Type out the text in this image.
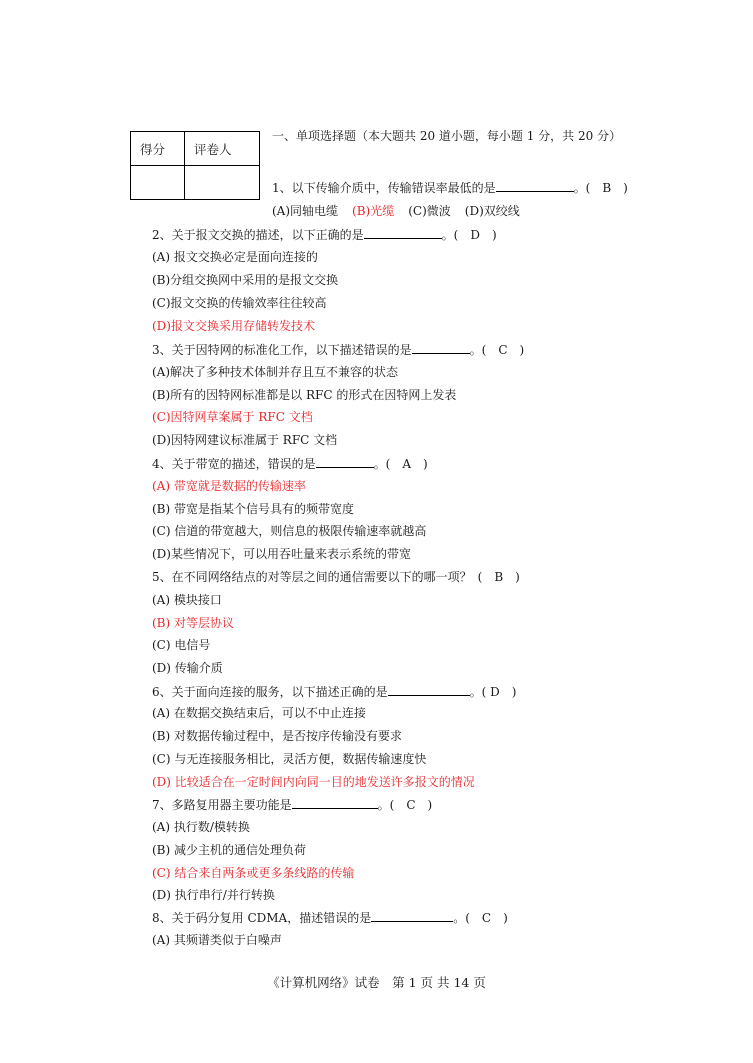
得分	评卷人

一、单项选择题（本大题共 20 道小题，每小题 1 分，共 20 分）
1、以下传输介质中，传输错误率最低的是	。(　B　)
(A)同轴电缆 (B)光缆 (C)微波 (D)双绞线
2、关于报文交换的描述，以下正确的是	。(　D　)
(A) 报文交换必定是面向连接的
(B)分组交换网中采用的是报文交换
(C)报文交换的传输效率往往较高
(D)报文交换采用存储转发技术
3、关于因特网的标准化工作，以下描述错误的是	。(　C　)
(A)解决了多种技术体制并存且互不兼容的状态
(B)所有的因特网标准都是以 RFC 的形式在因特网上发表
(C)因特网草案属于 RFC 文档
(D)因特网建议标准属于 RFC 文档
4、关于带宽的描述，错误的是	。(　A　)
(A) 带宽就是数据的传输速率
(B) 带宽是指某个信号具有的频带宽度
(C) 信道的带宽越大，则信息的极限传输速率就越高
(D)某些情况下，可以用吞吐量来表示系统的带宽
5、在不同网络结点的对等层之间的通信需要以下的哪一项？ (　B　)
(A) 模块接口
(B) 对等层协议
(C) 电信号
(D) 传输介质
6、关于面向连接的服务，以下描述正确的是	。( D　)
(A) 在数据交换结束后，可以不中止连接
(B) 对数据传输过程中，是否按序传输没有要求
(C) 与无连接服务相比，灵活方便，数据传输速度快
(D) 比较适合在一定时间内向同一目的地发送许多报文的情况
7、多路复用器主要功能是	。(　C　)
(A) 执行数/模转换
(B) 减少主机的通信处理负荷
(C) 结合来自两条或更多条线路的传输
(D) 执行串行/并行转换
8、关于码分复用 CDMA，描述错误的是	。(　C　)
(A) 其频谱类似于白噪声
《计算机网络》试卷　第 1 页 共 14 页
